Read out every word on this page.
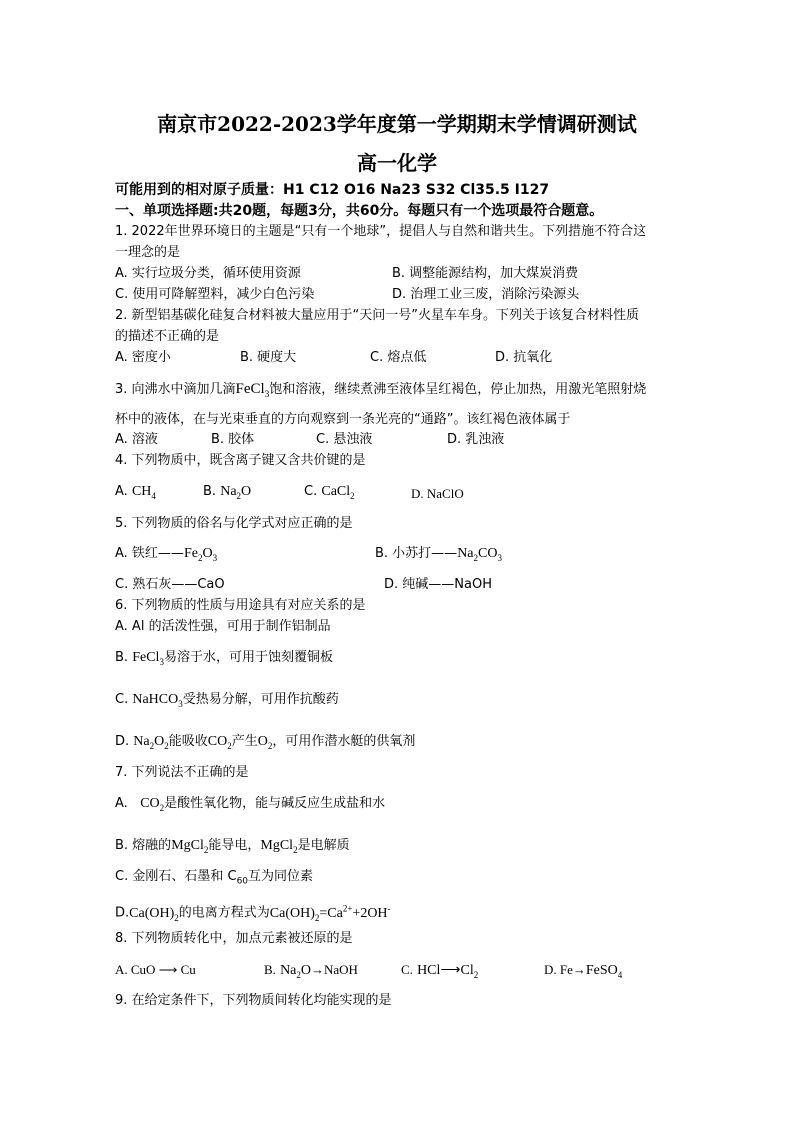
南京市2022-2023学年度第一学期期末学情调研测试
高一化学
可能用到的相对原子质量：H1 C12 O16 Na23 S32 Cl35.5 I127
一、单项选择题:共20题，每题3分，共60分。每题只有一个选项最符合题意。
1. 2022年世界环境日的主题是“只有一个地球”，提倡人与自然和谐共生。下列措施不符合这
一理念的是
A. 实行垃圾分类，循环使用资源	B. 调整能源结构，加大煤炭消费
C. 使用可降解塑料，减少白色污染	D. 治理工业三废，消除污染源头
2. 新型铝基碳化硅复合材料被大量应用于“天问一号”火星车车身。下列关于该复合材料性质
的描述不正确的是
A. 密度小	B. 硬度大	C. 熔点低	D. 抗氧化
3. 向沸水中滴加几滴FeCl$_3$饱和溶液，继续煮沸至液体呈红褐色，停止加热，用激光笔照射烧
杯中的液体，在与光束垂直的方向观察到一条光亮的“通路”。该红褐色液体属于
A. 溶液	B. 胶体	C. 悬浊液	D. 乳浊液
4. 下列物质中，既含离子键又含共价键的是
A. $CH_4$	B. $Na_2O$	C. CaCl$_2$	D. NaClO
5. 下列物质的俗名与化学式对应正确的是
A. 铁红$——Fe_2O_3$	B. 小苏打$——Na_2CO_3$
C. 熟石灰——CaO	D. 纯碱——NaOH
6. 下列物质的性质与用途具有对应关系的是
A. Al 的活泼性强，可用于制作铝制品
B. FeCl$_3$易溶于水，可用于蚀刻覆铜板
C. NaHCO$_3$受热易分解，可用作抗酸药
D. $Na_2O_2$能吸收$CO_2$产生$O_2$，可用作潜水艇的供氧剂
7. 下列说法不正确的是
A. $CO_2$是酸性氧化物，能与碱反应生成盐和水
B. 熔融的MgCl$_2$能导电，MgCl$_2$是电解质
C. 金刚石、石墨和 $C_{60}$互为同位素
$D.Ca(OH)_2$的电离方程式为$Ca(OH)_2=Ca^{2+}+2OH^-$
8. 下列物质转化中，加点元素被还原的是
A. CuO ⟶ Cu	B. $Na_2O\to NaOH$	C. $HCl⟶Cl_2$	D. Fe→FeSO$_4$
9. 在给定条件下，下列物质间转化均能实现的是
